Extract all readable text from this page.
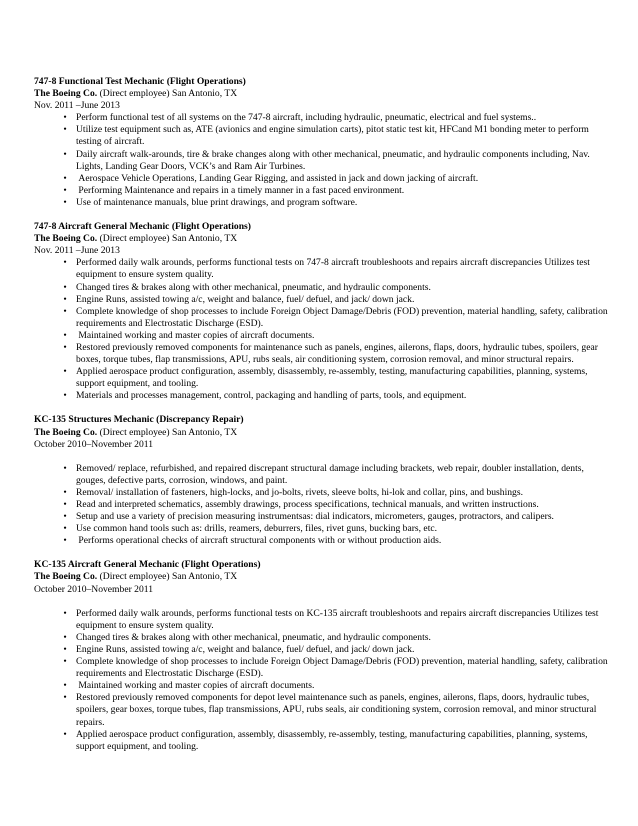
747-8 Functional Test Mechanic (Flight Operations)
The Boeing Co. (Direct employee) San Antonio, TX
Nov. 2011 –June 2013
• Perform functional test of all systems on the 747-8 aircraft, including hydraulic, pneumatic, electrical and fuel systems..
• Utilize test equipment such as, ATE (avionics and engine simulation carts), pitot static test kit, HFCand M1 bonding meter to perform testing of aircraft.
• Daily aircraft walk-arounds, tire & brake changes along with other mechanical, pneumatic, and hydraulic components including, Nav. Lights, Landing Gear Doors, VCK’s and Ram Air Turbines.
• Aerospace Vehicle Operations, Landing Gear Rigging, and assisted in jack and down jacking of aircraft.
• Performing Maintenance and repairs in a timely manner in a fast paced environment.
• Use of maintenance manuals, blue print drawings, and program software.
747-8 Aircraft General Mechanic (Flight Operations)
The Boeing Co. (Direct employee) San Antonio, TX
Nov. 2011 –June 2013
• Performed daily walk arounds, performs functional tests on 747-8 aircraft troubleshoots and repairs aircraft discrepancies Utilizes test equipment to ensure system quality.
• Changed tires & brakes along with other mechanical, pneumatic, and hydraulic components.
• Engine Runs, assisted towing a/c, weight and balance, fuel/ defuel, and jack/ down jack.
• Complete knowledge of shop processes to include Foreign Object Damage/Debris (FOD) prevention, material handling, safety, calibration requirements and Electrostatic Discharge (ESD).
• Maintained working and master copies of aircraft documents.
• Restored previously removed components for maintenance such as panels, engines, ailerons, flaps, doors, hydraulic tubes, spoilers, gear boxes, torque tubes, flap transmissions, APU, rubs seals, air conditioning system, corrosion removal, and minor structural repairs.
• Applied aerospace product configuration, assembly, disassembly, re-assembly, testing, manufacturing capabilities, planning, systems, support equipment, and tooling.
• Materials and processes management, control, packaging and handling of parts, tools, and equipment.
KC-135 Structures Mechanic (Discrepancy Repair)
The Boeing Co. (Direct employee) San Antonio, TX
October 2010–November 2011
• Removed/ replace, refurbished, and repaired discrepant structural damage including brackets, web repair, doubler installation, dents, gouges, defective parts, corrosion, windows, and paint.
• Removal/ installation of fasteners, high-locks, and jo-bolts, rivets, sleeve bolts, hi-lok and collar, pins, and bushings.
• Read and interpreted schematics, assembly drawings, process specifications, technical manuals, and written instructions.
• Setup and use a variety of precision measuring instrumentsas: dial indicators, micrometers, gauges, protractors, and calipers.
• Use common hand tools such as: drills, reamers, deburrers, files, rivet guns, bucking bars, etc.
• Performs operational checks of aircraft structural components with or without production aids.
KC-135 Aircraft General Mechanic (Flight Operations)
The Boeing Co. (Direct employee) San Antonio, TX
October 2010–November 2011
• Performed daily walk arounds, performs functional tests on KC-135 aircraft troubleshoots and repairs aircraft discrepancies Utilizes test equipment to ensure system quality.
• Changed tires & brakes along with other mechanical, pneumatic, and hydraulic components.
• Engine Runs, assisted towing a/c, weight and balance, fuel/ defuel, and jack/ down jack.
• Complete knowledge of shop processes to include Foreign Object Damage/Debris (FOD) prevention, material handling, safety, calibration requirements and Electrostatic Discharge (ESD).
• Maintained working and master copies of aircraft documents.
• Restored previously removed components for depot level maintenance such as panels, engines, ailerons, flaps, doors, hydraulic tubes, spoilers, gear boxes, torque tubes, flap transmissions, APU, rubs seals, air conditioning system, corrosion removal, and minor structural repairs.
• Applied aerospace product configuration, assembly, disassembly, re-assembly, testing, manufacturing capabilities, planning, systems, support equipment, and tooling.
